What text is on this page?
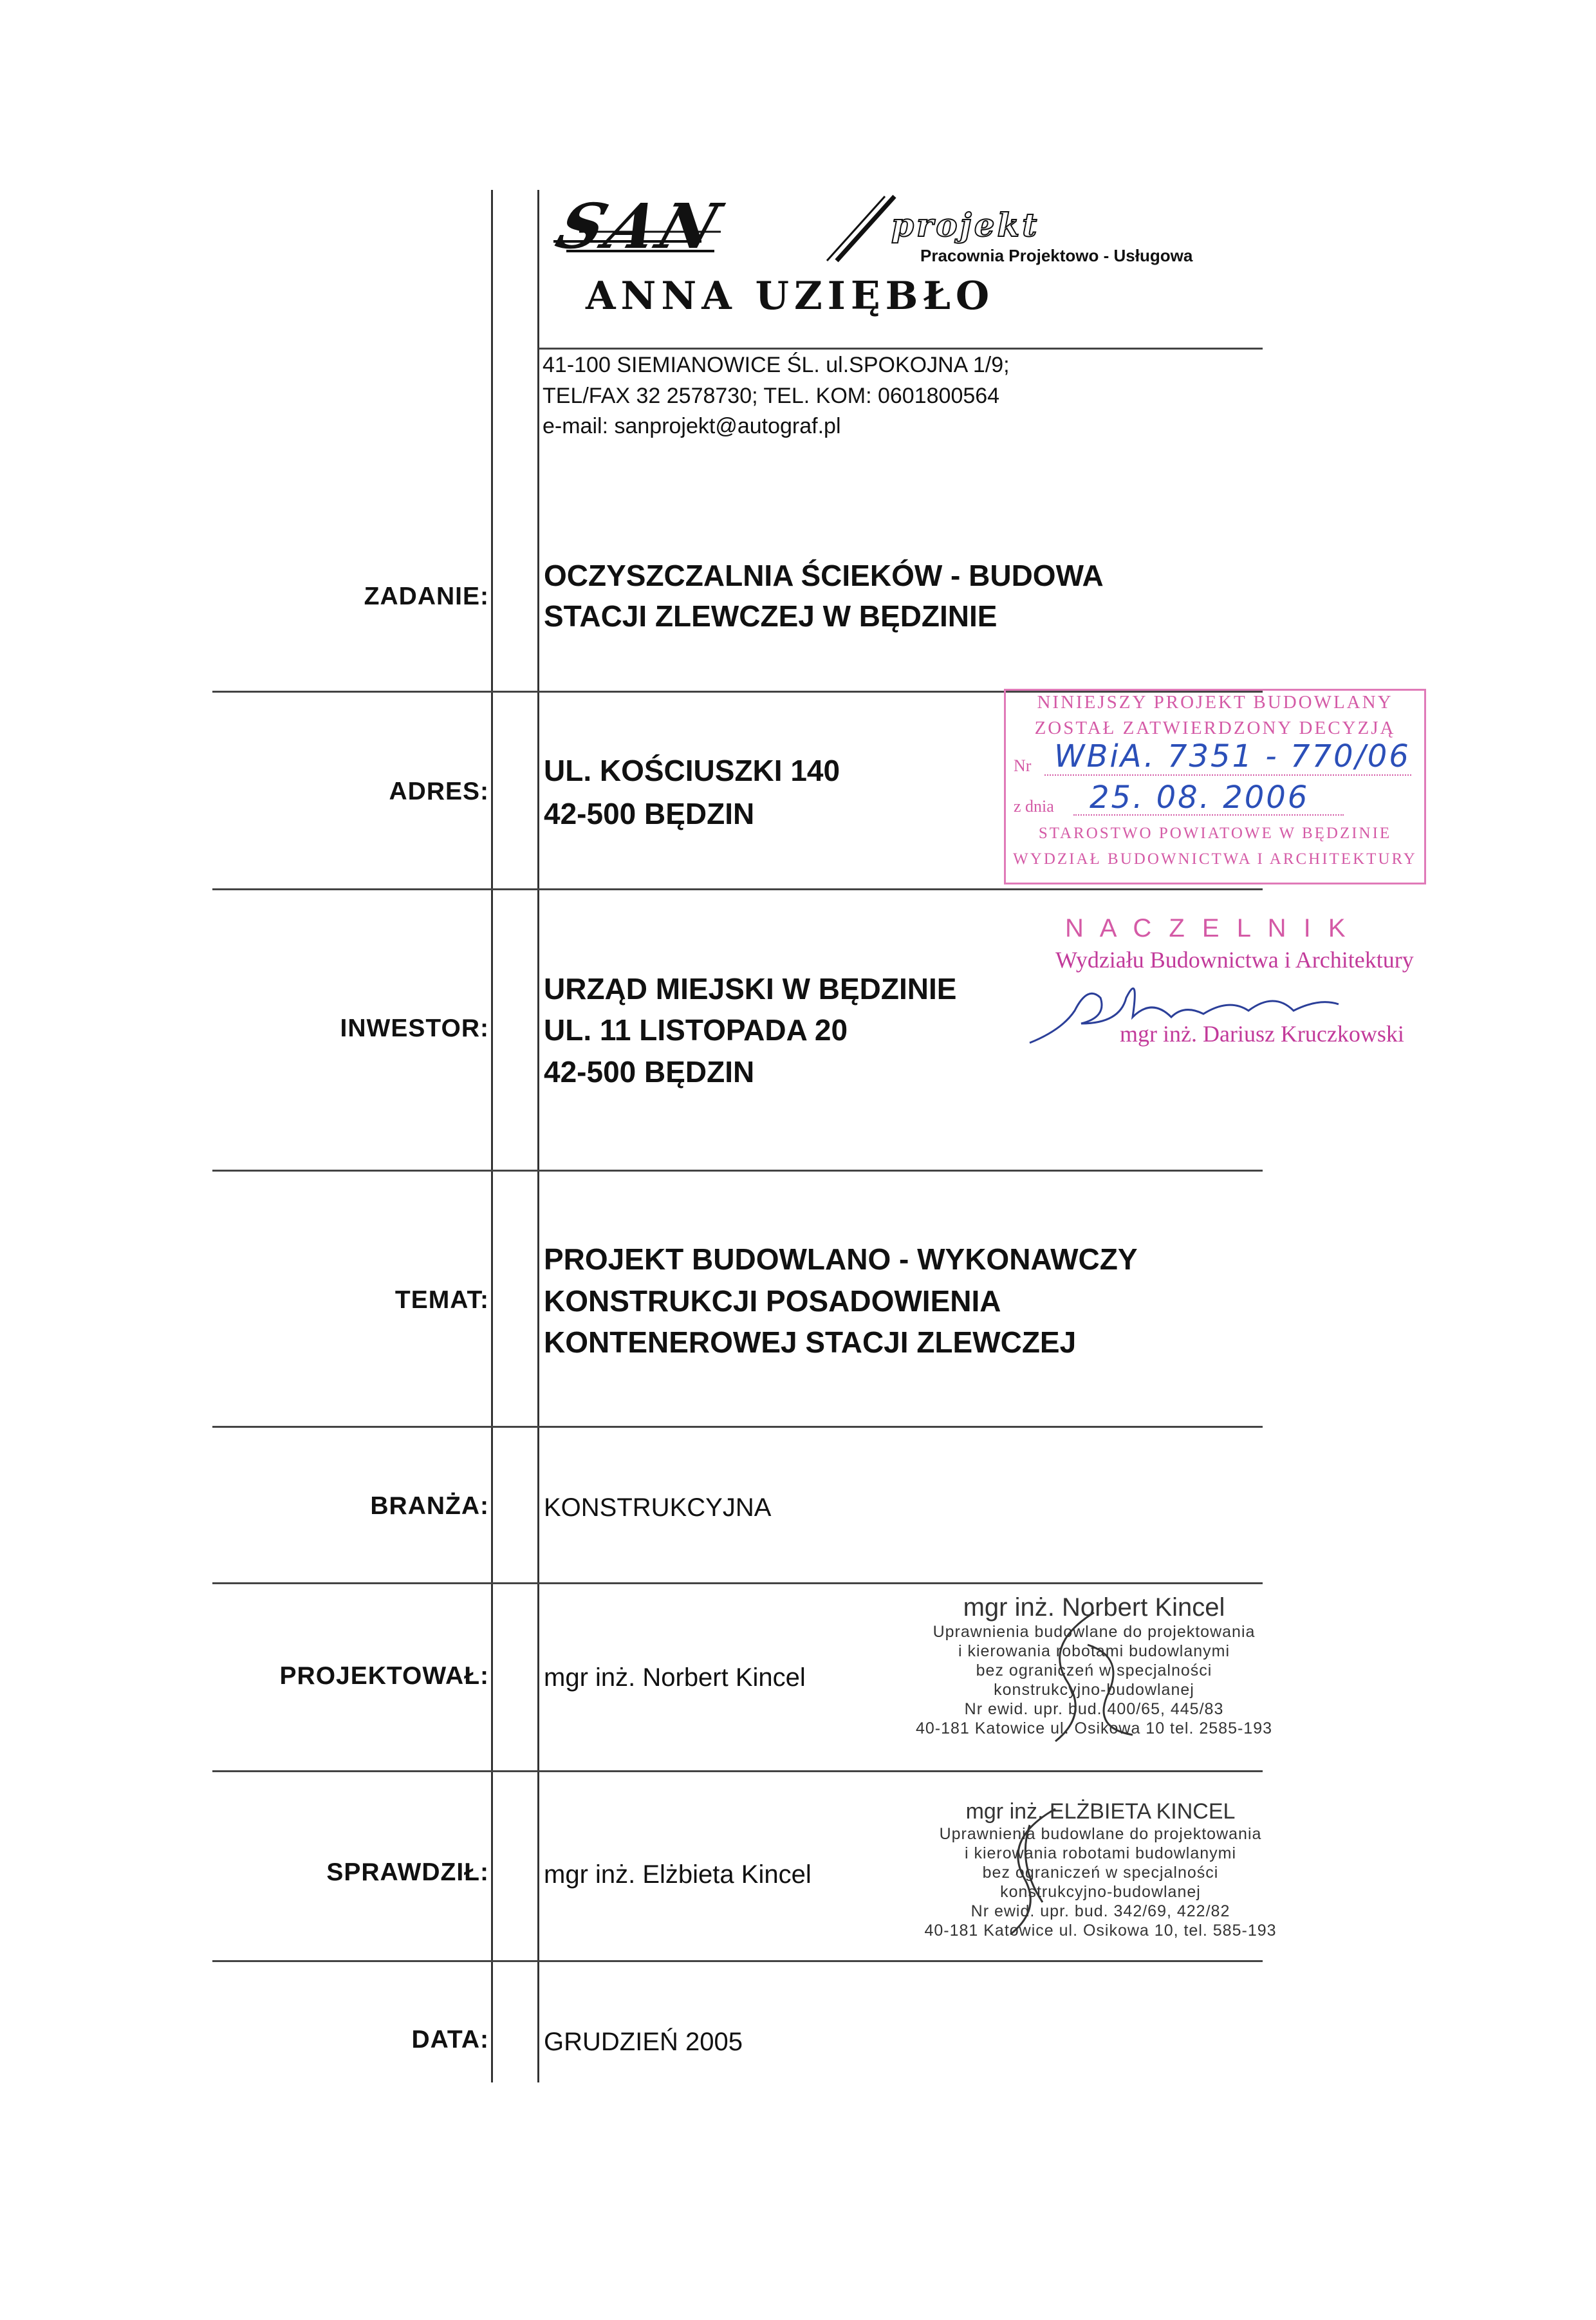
SAN	projekt
Pracownia Projektowo - Usługowa
ANNA UZIĘBŁO
41-100 SIEMIANOWICE ŚL. ul.SPOKOJNA 1/9;
TEL/FAX 32 2578730; TEL. KOM: 0601800564
e-mail: sanprojekt@autograf.pl
ZADANIE:
OCZYSZCZALNIA ŚCIEKÓW - BUDOWA
STACJI ZLEWCZEJ W BĘDZINIE
ADRES:
UL. KOŚCIUSZKI 140
42-500 BĘDZIN
INWESTOR:
URZĄD MIEJSKI W BĘDZINIE
UL. 11 LISTOPADA 20
42-500 BĘDZIN
TEMAT:
PROJEKT BUDOWLANO - WYKONAWCZY
KONSTRUKCJI POSADOWIENIA
KONTENEROWEJ STACJI ZLEWCZEJ
BRANŻA: KONSTRUKCYJNA
PROJEKTOWAŁ: mgr inż. Norbert Kincel
SPRAWDZIŁ: mgr inż. Elżbieta Kincel
DATA: GRUDZIEŃ 2005
NINIEJSZY PROJEKT BUDOWLANY
ZOSTAŁ ZATWIERDZONY DECYZJĄ
Nr WBiA. 7351 - 770/06
z dnia 25. 08. 2006
STAROSTWO POWIATOWE W BĘDZINIE
WYDZIAŁ BUDOWNICTWA I ARCHITEKTURY
N A C Z E L N I K
Wydziału Budownictwa i Architektury
mgr inż. Dariusz Kruczkowski
mgr inż. Norbert Kincel
Uprawnienia budowlane do projektowania
i kierowania robotami budowlanymi
bez ograniczeń w specjalności
konstrukcyjno-budowlanej
Nr ewid. upr. bud. 400/65, 445/83
40-181 Katowice ul. Osikowa 10 tel. 2585-193
mgr inż. ELŻBIETA KINCEL
Uprawnienia budowlane do projektowania
i kierowania robotami budowlanymi
bez ograniczeń w specjalności
konstrukcyjno-budowlanej
Nr ewid. upr. bud. 342/69, 422/82
40-181 Katowice ul. Osikowa 10, tel. 585-193
